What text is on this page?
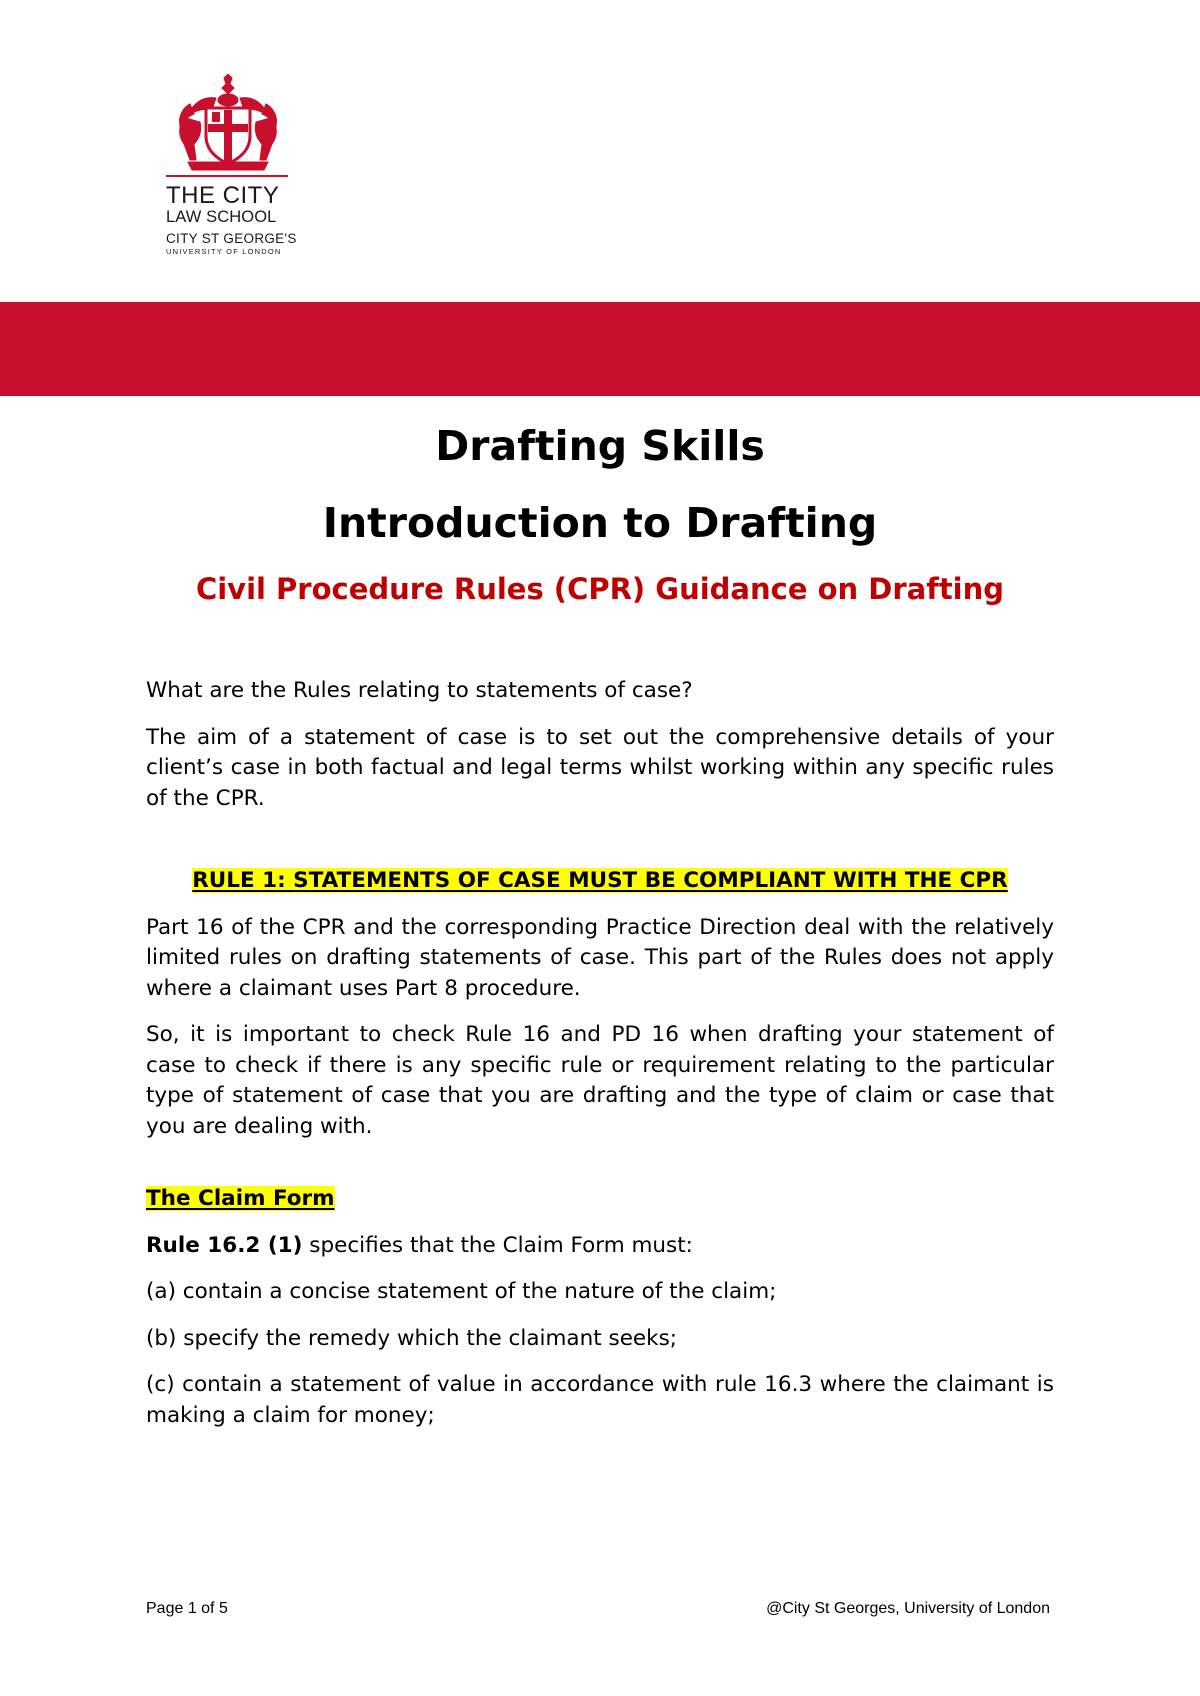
THE CITY
LAW SCHOOL
CITY ST GEORGE'S
UNIVERSITY OF LONDON
Drafting Skills
Introduction to Drafting
Civil Procedure Rules (CPR) Guidance on Drafting

What are the Rules relating to statements of case?

The aim of a statement of case is to set out the comprehensive details of your client’s case in both factual and legal terms whilst working within any specific rules of the CPR.

RULE 1: STATEMENTS OF CASE MUST BE COMPLIANT WITH THE CPR

Part 16 of the CPR and the corresponding Practice Direction deal with the relatively limited rules on drafting statements of case. This part of the Rules does not apply where a claimant uses Part 8 procedure.

So, it is important to check Rule 16 and PD 16 when drafting your statement of case to check if there is any specific rule or requirement relating to the particular type of statement of case that you are drafting and the type of claim or case that you are dealing with.

The Claim Form

Rule 16.2 (1) specifies that the Claim Form must:

(a) contain a concise statement of the nature of the claim;

(b) specify the remedy which the claimant seeks;

(c) contain a statement of value in accordance with rule 16.3 where the claimant is making a claim for money;

Page 1 of 5	@City St Georges, University of London
